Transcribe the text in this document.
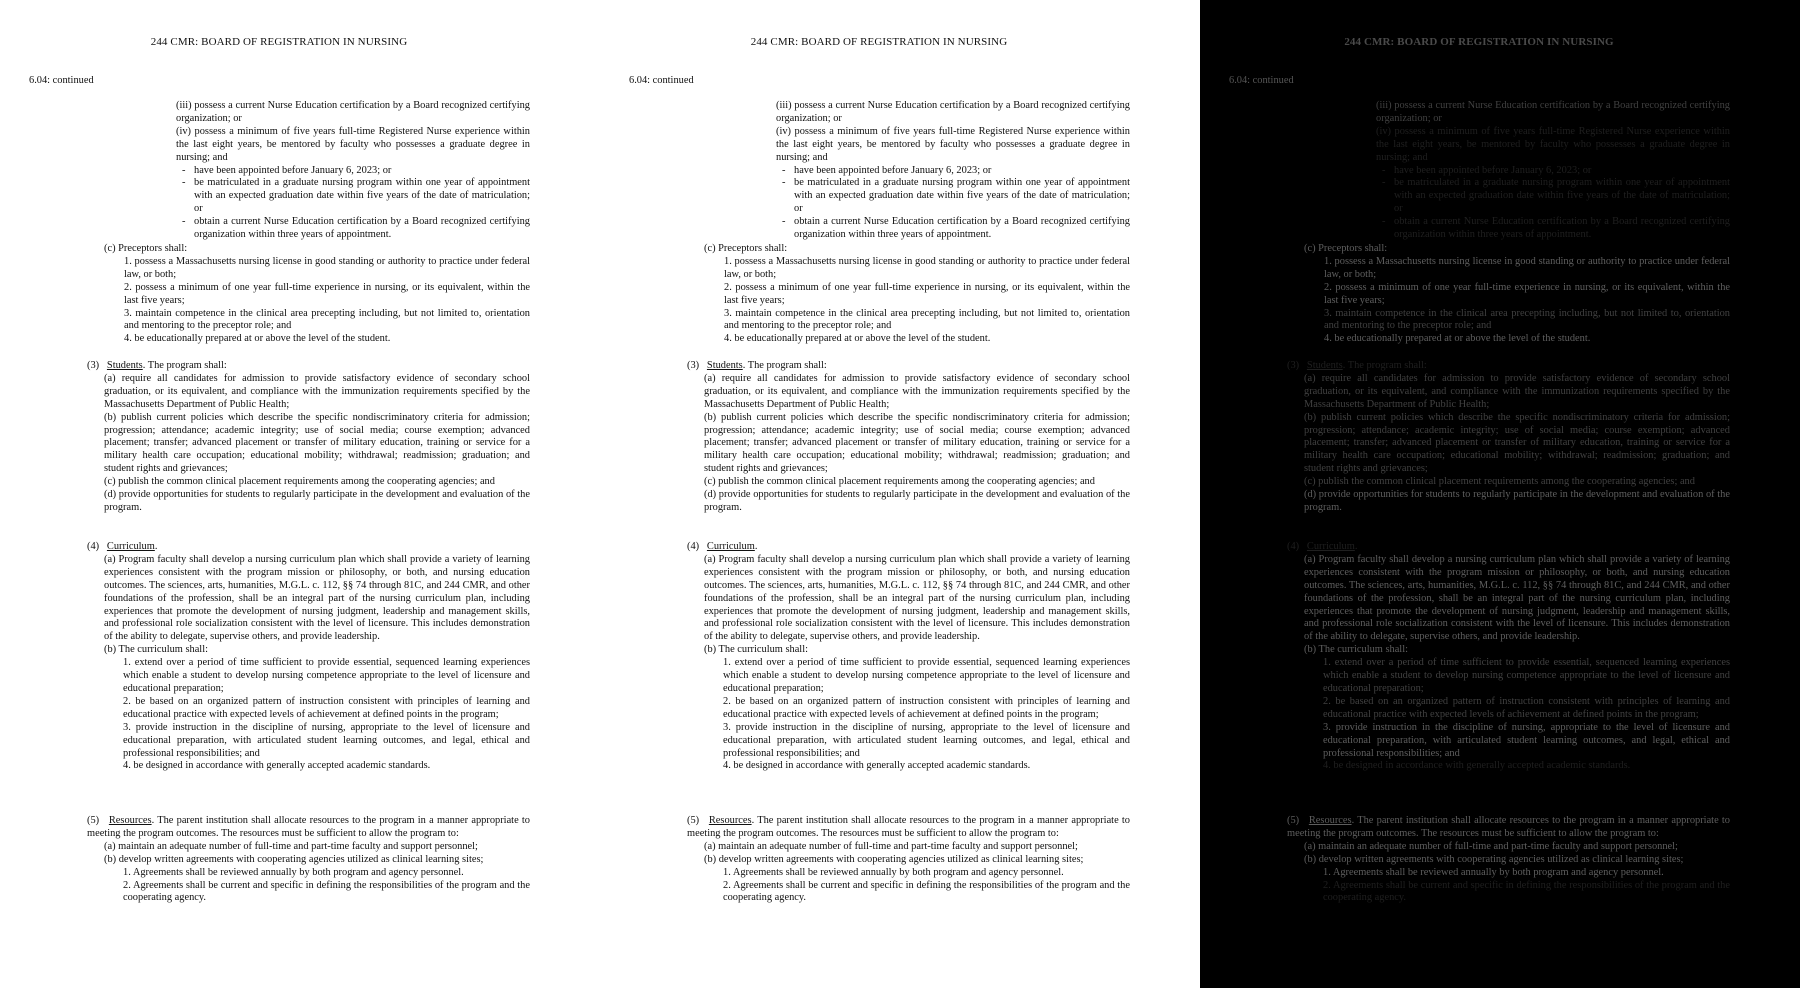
244 CMR: BOARD OF REGISTRATION IN NURSING
6.04: continued

(iii) possess a current Nurse Education certification by a Board recognized certifying organization; or

(iv) possess a minimum of five years full-time Registered Nurse experience within the last eight years, be mentored by faculty who possesses a graduate degree in nursing; and

- have been appointed before January 6, 2023; or
- be matriculated in a graduate nursing program within one year of appointment with an expected graduation date within five years of the date of matriculation; or
- obtain a current Nurse Education certification by a Board recognized certifying organization within three years of appointment.

(c) Preceptors shall:

1. possess a Massachusetts nursing license in good standing or authority to practice under federal law, or both;

2. possess a minimum of one year full-time experience in nursing, or its equivalent, within the last five years;

3. maintain competence in the clinical area precepting including, but not limited to, orientation and mentoring to the preceptor role; and

4. be educationally prepared at or above the level of the student.

(3) Students. The program shall:

(a) require all candidates for admission to provide satisfactory evidence of secondary school graduation, or its equivalent, and compliance with the immunization requirements specified by the Massachusetts Department of Public Health;

(b) publish current policies which describe the specific nondiscriminatory criteria for admission; progression; attendance; academic integrity; use of social media; course exemption; advanced placement; transfer; advanced placement or transfer of military education, training or service for a military health care occupation; educational mobility; withdrawal; readmission; graduation; and student rights and grievances;

(c) publish the common clinical placement requirements among the cooperating agencies; and

(d) provide opportunities for students to regularly participate in the development and evaluation of the program.

(4) Curriculum.

(a) Program faculty shall develop a nursing curriculum plan which shall provide a variety of learning experiences consistent with the program mission or philosophy, or both, and nursing education outcomes. The sciences, arts, humanities, M.G.L. c. 112, §§ 74 through 81C, and 244 CMR, and other foundations of the profession, shall be an integral part of the nursing curriculum plan, including experiences that promote the development of nursing judgment, leadership and management skills, and professional role socialization consistent with the level of licensure. This includes demonstration of the ability to delegate, supervise others, and provide leadership.

(b) The curriculum shall:

1. extend over a period of time sufficient to provide essential, sequenced learning experiences which enable a student to develop nursing competence appropriate to the level of licensure and educational preparation;

2. be based on an organized pattern of instruction consistent with principles of learning and educational practice with expected levels of achievement at defined points in the program;

3. provide instruction in the discipline of nursing, appropriate to the level of licensure and educational preparation, with articulated student learning outcomes, and legal, ethical and professional responsibilities; and

4. be designed in accordance with generally accepted academic standards.

(5) Resources. The parent institution shall allocate resources to the program in a manner appropriate to meeting the program outcomes. The resources must be sufficient to allow the program to:

(a) maintain an adequate number of full-time and part-time faculty and support personnel;

(b) develop written agreements with cooperating agencies utilized as clinical learning sites;

1. Agreements shall be reviewed annually by both program and agency personnel.

2. Agreements shall be current and specific in defining the responsibilities of the program and the cooperating agency.

244 CMR: BOARD OF REGISTRATION IN NURSING
6.04: continued

(iii) possess a current Nurse Education certification by a Board recognized certifying organization; or

(iv) possess a minimum of five years full-time Registered Nurse experience within the last eight years, be mentored by faculty who possesses a graduate degree in nursing; and

- have been appointed before January 6, 2023; or
- be matriculated in a graduate nursing program within one year of appointment with an expected graduation date within five years of the date of matriculation; or
- obtain a current Nurse Education certification by a Board recognized certifying organization within three years of appointment.

(c) Preceptors shall:

1. possess a Massachusetts nursing license in good standing or authority to practice under federal law, or both;

2. possess a minimum of one year full-time experience in nursing, or its equivalent, within the last five years;

3. maintain competence in the clinical area precepting including, but not limited to, orientation and mentoring to the preceptor role; and

4. be educationally prepared at or above the level of the student.

(3) Students. The program shall:

(a) require all candidates for admission to provide satisfactory evidence of secondary school graduation, or its equivalent, and compliance with the immunization requirements specified by the Massachusetts Department of Public Health;

(b) publish current policies which describe the specific nondiscriminatory criteria for admission; progression; attendance; academic integrity; use of social media; course exemption; advanced placement; transfer; advanced placement or transfer of military education, training or service for a military health care occupation; educational mobility; withdrawal; readmission; graduation; and student rights and grievances;

(c) publish the common clinical placement requirements among the cooperating agencies; and

(d) provide opportunities for students to regularly participate in the development and evaluation of the program.

(4) Curriculum.

(a) Program faculty shall develop a nursing curriculum plan which shall provide a variety of learning experiences consistent with the program mission or philosophy, or both, and nursing education outcomes. The sciences, arts, humanities, M.G.L. c. 112, §§ 74 through 81C, and 244 CMR, and other foundations of the profession, shall be an integral part of the nursing curriculum plan, including experiences that promote the development of nursing judgment, leadership and management skills, and professional role socialization consistent with the level of licensure. This includes demonstration of the ability to delegate, supervise others, and provide leadership.

(b) The curriculum shall:

1. extend over a period of time sufficient to provide essential, sequenced learning experiences which enable a student to develop nursing competence appropriate to the level of licensure and educational preparation;

2. be based on an organized pattern of instruction consistent with principles of learning and educational practice with expected levels of achievement at defined points in the program;

3. provide instruction in the discipline of nursing, appropriate to the level of licensure and educational preparation, with articulated student learning outcomes, and legal, ethical and professional responsibilities; and

4. be designed in accordance with generally accepted academic standards.

(5) Resources. The parent institution shall allocate resources to the program in a manner appropriate to meeting the program outcomes. The resources must be sufficient to allow the program to:

(a) maintain an adequate number of full-time and part-time faculty and support personnel;

(b) develop written agreements with cooperating agencies utilized as clinical learning sites;

1. Agreements shall be reviewed annually by both program and agency personnel.

2. Agreements shall be current and specific in defining the responsibilities of the program and the cooperating agency.

244 CMR: BOARD OF REGISTRATION IN NURSING
6.04: continued

(iii) possess a current Nurse Education certification by a Board recognized certifying organization; or

(iv) possess a minimum of five years full-time Registered Nurse experience within the last eight years, be mentored by faculty who possesses a graduate degree in nursing; and

- have been appointed before January 6, 2023; or
- be matriculated in a graduate nursing program within one year of appointment with an expected graduation date within five years of the date of matriculation; or
- obtain a current Nurse Education certification by a Board recognized certifying organization within three years of appointment.

(c) Preceptors shall:

1. possess a Massachusetts nursing license in good standing or authority to practice under federal law, or both;

2. possess a minimum of one year full-time experience in nursing, or its equivalent, within the last five years;

3. maintain competence in the clinical area precepting including, but not limited to, orientation and mentoring to the preceptor role; and

4. be educationally prepared at or above the level of the student.

(3) Students. The program shall:

(a) require all candidates for admission to provide satisfactory evidence of secondary school graduation, or its equivalent, and compliance with the immunization requirements specified by the Massachusetts Department of Public Health;

(b) publish current policies which describe the specific nondiscriminatory criteria for admission; progression; attendance; academic integrity; use of social media; course exemption; advanced placement; transfer; advanced placement or transfer of military education, training or service for a military health care occupation; educational mobility; withdrawal; readmission; graduation; and student rights and grievances;

(c) publish the common clinical placement requirements among the cooperating agencies; and

(d) provide opportunities for students to regularly participate in the development and evaluation of the program.

(4) Curriculum.

(a) Program faculty shall develop a nursing curriculum plan which shall provide a variety of learning experiences consistent with the program mission or philosophy, or both, and nursing education outcomes. The sciences, arts, humanities, M.G.L. c. 112, §§ 74 through 81C, and 244 CMR, and other foundations of the profession, shall be an integral part of the nursing curriculum plan, including experiences that promote the development of nursing judgment, leadership and management skills, and professional role socialization consistent with the level of licensure. This includes demonstration of the ability to delegate, supervise others, and provide leadership.

(b) The curriculum shall:

1. extend over a period of time sufficient to provide essential, sequenced learning experiences which enable a student to develop nursing competence appropriate to the level of licensure and educational preparation;

2. be based on an organized pattern of instruction consistent with principles of learning and educational practice with expected levels of achievement at defined points in the program;

3. provide instruction in the discipline of nursing, appropriate to the level of licensure and educational preparation, with articulated student learning outcomes, and legal, ethical and professional responsibilities; and

4. be designed in accordance with generally accepted academic standards.

(5) Resources. The parent institution shall allocate resources to the program in a manner appropriate to meeting the program outcomes. The resources must be sufficient to allow the program to:

(a) maintain an adequate number of full-time and part-time faculty and support personnel;

(b) develop written agreements with cooperating agencies utilized as clinical learning sites;

1. Agreements shall be reviewed annually by both program and agency personnel.

2. Agreements shall be current and specific in defining the responsibilities of the program and the cooperating agency.
